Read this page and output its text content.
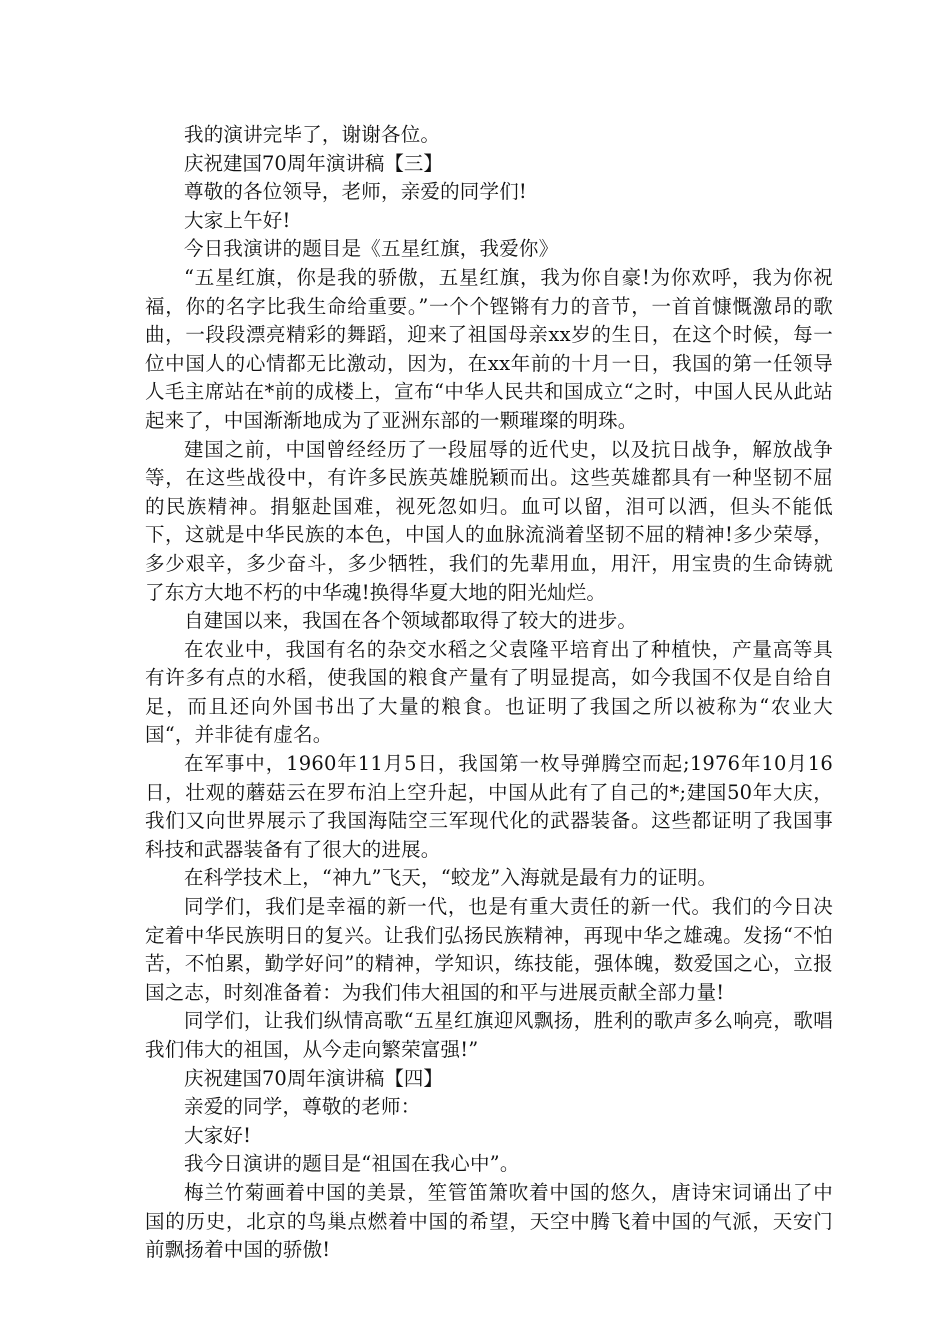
我的演讲完毕了，谢谢各位。

庆祝建国70周年演讲稿【三】

尊敬的各位领导，老师，亲爱的同学们!

大家上午好!

今日我演讲的题目是《五星红旗，我爱你》

“五星红旗，你是我的骄傲，五星红旗，我为你自豪!为你欢呼，我为你祝福，你的名字比我生命给重要。”一个个铿锵有力的音节，一首首慷慨激昂的歌曲，一段段漂亮精彩的舞蹈，迎来了祖国母亲xx岁的生日，在这个时候，每一位中国人的心情都无比激动，因为，在xx年前的十月一日，我国的第一任领导人毛主席站在*前的成楼上，宣布“中华人民共和国成立“之时，中国人民从此站起来了，中国渐渐地成为了亚洲东部的一颗璀璨的明珠。

建国之前，中国曾经经历了一段屈辱的近代史，以及抗日战争，解放战争等，在这些战役中，有许多民族英雄脱颖而出。这些英雄都具有一种坚韧不屈的民族精神。捐躯赴国难，视死忽如归。血可以留，泪可以洒，但头不能低下，这就是中华民族的本色，中国人的血脉流淌着坚韧不屈的精神!多少荣辱，多少艰辛，多少奋斗，多少牺牲，我们的先辈用血，用汗，用宝贵的生命铸就了东方大地不朽的中华魂!换得华夏大地的阳光灿烂。

自建国以来，我国在各个领域都取得了较大的进步。

在农业中，我国有名的杂交水稻之父袁隆平培育出了种植快，产量高等具有许多有点的水稻，使我国的粮食产量有了明显提高，如今我国不仅是自给自足，而且还向外国书出了大量的粮食。也证明了我国之所以被称为“农业大国“，并非徒有虚名。

在军事中，1960年11月5日，我国第一枚导弹腾空而起;1976年10月16日，壮观的蘑菇云在罗布泊上空升起，中国从此有了自己的*;建国50年大庆，我们又向世界展示了我国海陆空三军现代化的武器装备。这些都证明了我国事科技和武器装备有了很大的进展。

在科学技术上，“神九”飞天，“蛟龙”入海就是最有力的证明。

同学们，我们是幸福的新一代，也是有重大责任的新一代。我们的今日决定着中华民族明日的复兴。让我们弘扬民族精神，再现中华之雄魂。发扬“不怕苦，不怕累，勤学好问”的精神，学知识，练技能，强体魄，数爱国之心，立报国之志，时刻准备着：为我们伟大祖国的和平与进展贡献全部力量!

同学们，让我们纵情高歌“五星红旗迎风飘扬，胜利的歌声多么响亮，歌唱我们伟大的祖国，从今走向繁荣富强!”

庆祝建国70周年演讲稿【四】

亲爱的同学，尊敬的老师：

大家好!

我今日演讲的题目是“祖国在我心中”。

梅兰竹菊画着中国的美景，笙管笛箫吹着中国的悠久，唐诗宋词诵出了中国的历史，北京的鸟巢点燃着中国的希望，天空中腾飞着中国的气派，天安门前飘扬着中国的骄傲!
